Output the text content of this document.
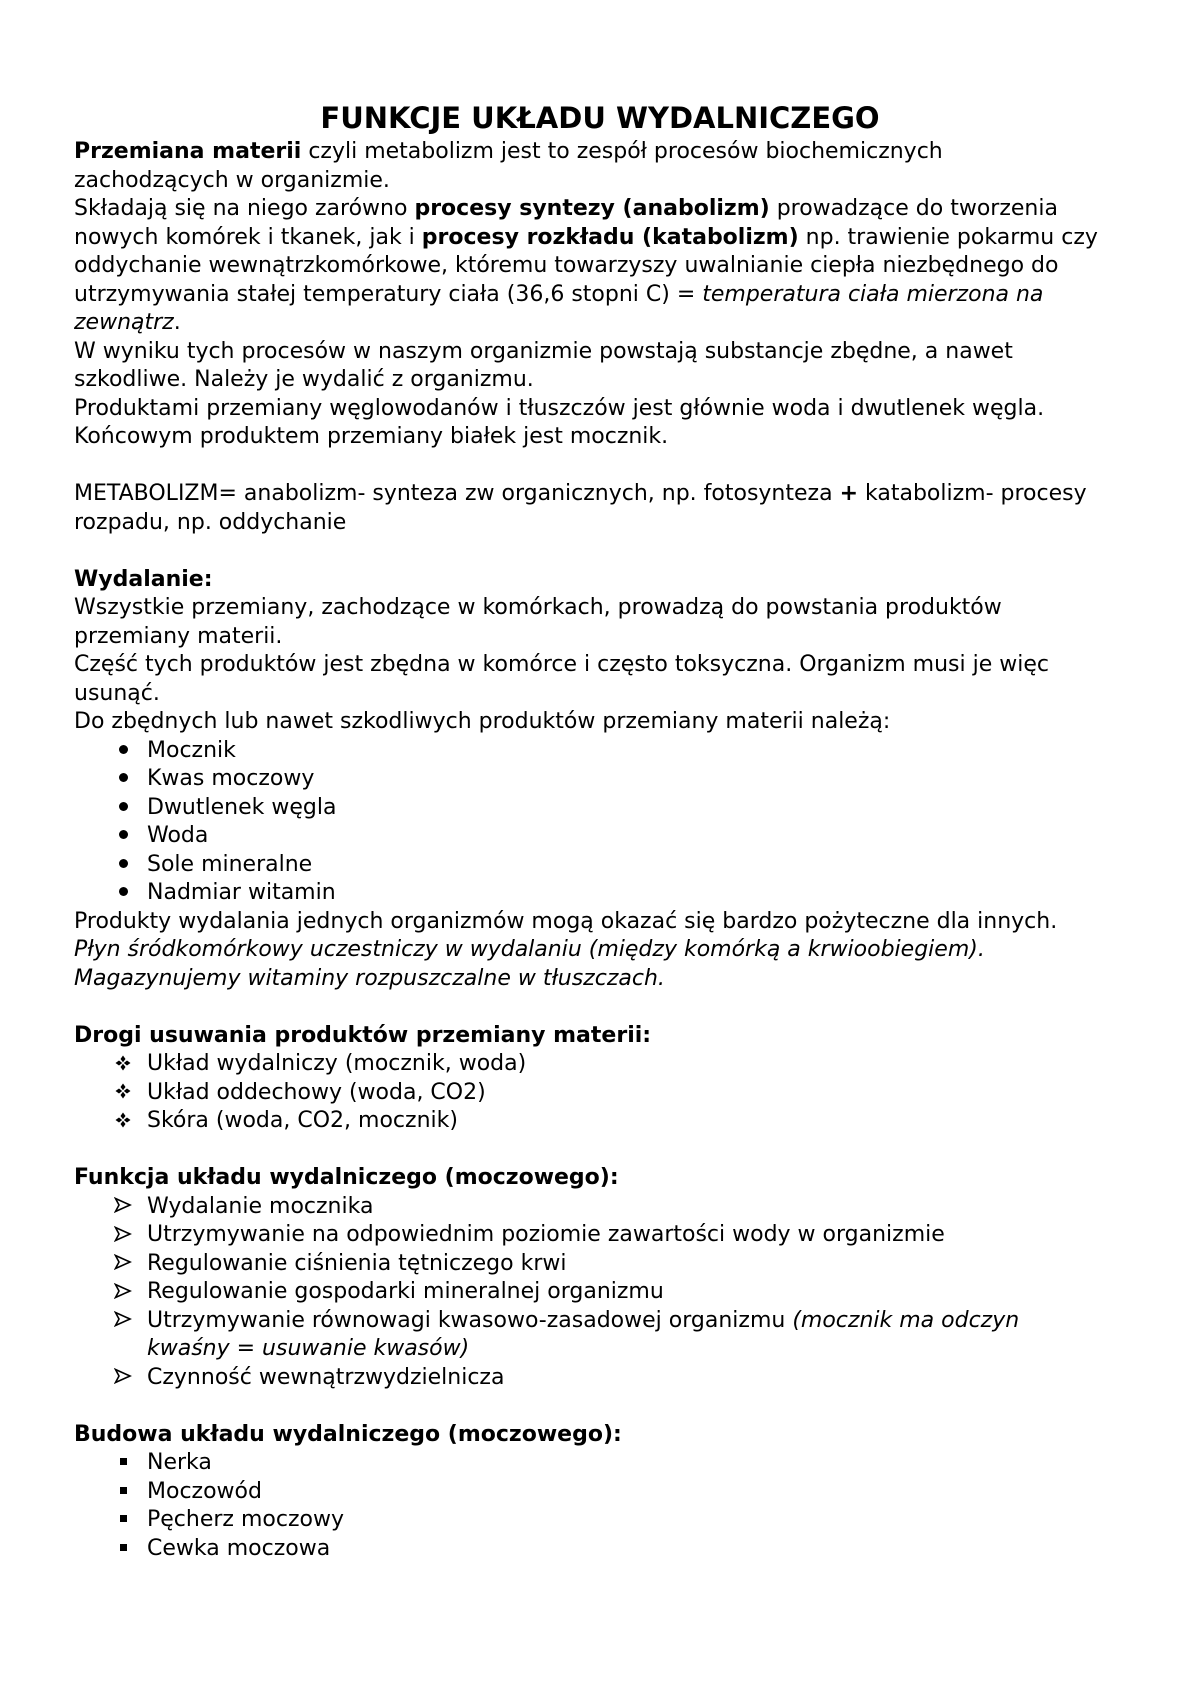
FUNKCJE UKŁADU WYDALNICZEGO

Przemiana materii czyli metabolizm jest to zespół procesów biochemicznych zachodzących w organizmie.

Składają się na niego zarówno procesy syntezy (anabolizm) prowadzące do tworzenia nowych komórek i tkanek, jak i procesy rozkładu (katabolizm) np. trawienie pokarmu czy oddychanie wewnątrzkomórkowe, któremu towarzyszy uwalnianie ciepła niezbędnego do utrzymywania stałej temperatury ciała (36,6 stopni C) = temperatura ciała mierzona na zewnątrz.

W wyniku tych procesów w naszym organizmie powstają substancje zbędne, a nawet szkodliwe. Należy je wydalić z organizmu.

Produktami przemiany węglowodanów i tłuszczów jest głównie woda i dwutlenek węgla.

Końcowym produktem przemiany białek jest mocznik.

METABOLIZM= anabolizm- synteza zw organicznych, np. fotosynteza + katabolizm- procesy rozpadu, np. oddychanie

Wydalanie:

Wszystkie przemiany, zachodzące w komórkach, prowadzą do powstania produktów przemiany materii.

Część tych produktów jest zbędna w komórce i często toksyczna. Organizm musi je więc usunąć.

Do zbędnych lub nawet szkodliwych produktów przemiany materii należą:

Mocznik
Kwas moczowy
Dwutlenek węgla
Woda
Sole mineralne
Nadmiar witamin

Produkty wydalania jednych organizmów mogą okazać się bardzo pożyteczne dla innych.

Płyn śródkomórkowy uczestniczy w wydalaniu (między komórką a krwioobiegiem).

Magazynujemy witaminy rozpuszczalne w tłuszczach.

Drogi usuwania produktów przemiany materii:

Układ wydalniczy (mocznik, woda)
Układ oddechowy (woda, CO2)
Skóra (woda, CO2, mocznik)

Funkcja układu wydalniczego (moczowego):

Wydalanie mocznika
Utrzymywanie na odpowiednim poziomie zawartości wody w organizmie
Regulowanie ciśnienia tętniczego krwi
Regulowanie gospodarki mineralnej organizmu
Utrzymywanie równowagi kwasowo-zasadowej organizmu (mocznik ma odczyn kwaśny = usuwanie kwasów)
Czynność wewnątrzwydzielnicza

Budowa układu wydalniczego (moczowego):

Nerka
Moczowód
Pęcherz moczowy
Cewka moczowa
